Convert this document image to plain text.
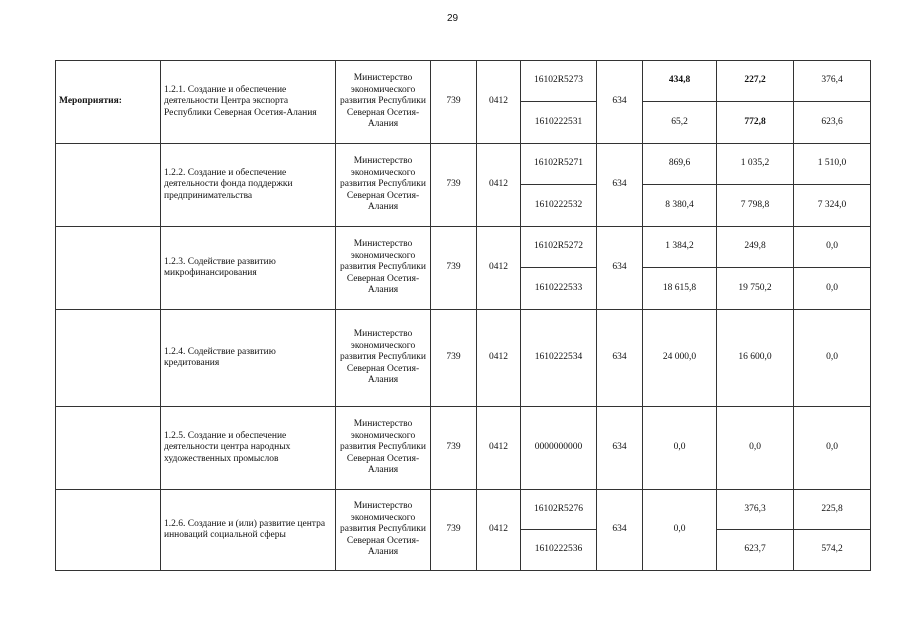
29
Мероприятия:	1.2.1. Создание и обеспечение деятельности Центра экспорта Республики Северная Осетия-Алания	Министерство экономического развития Республики Северная Осетия-Алания	739	0412	16102R5273	634	434,8	227,2	376,4
					1610222531		65,2	772,8	623,6
	1.2.2. Создание и обеспечение деятельности фонда поддержки предпринимательства	Министерство экономического развития Республики Северная Осетия-Алания	739	0412	16102R5271	634	869,6	1 035,2	1 510,0
					1610222532		8 380,4	7 798,8	7 324,0
	1.2.3. Содействие развитию микрофинансирования	Министерство экономического развития Республики Северная Осетия-Алания	739	0412	16102R5272	634	1 384,2	249,8	0,0
					1610222533		18 615,8	19 750,2	0,0
	1.2.4. Содействие развитию кредитования	Министерство экономического развития Республики Северная Осетия-Алания	739	0412	1610222534	634	24 000,0	16 600,0	0,0
	1.2.5. Создание и обеспечение деятельности центра народных художественных промыслов	Министерство экономического развития Республики Северная Осетия-Алания	739	0412	0000000000	634	0,0	0,0	0,0
	1.2.6. Создание и (или) развитие центра инноваций социальной сферы	Министерство экономического развития Республики Северная Осетия-Алания	739	0412	16102R5276	634	0,0	376,3	225,8
					1610222536			623,7	574,2
